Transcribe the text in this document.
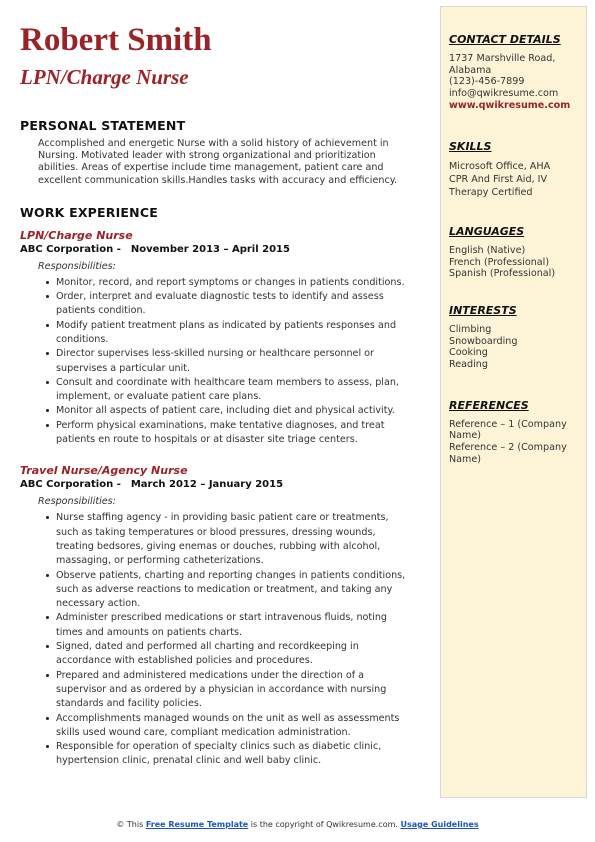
Robert Smith
LPN/Charge Nurse
PERSONAL STATEMENT
Accomplished and energetic Nurse with a solid history of achievement in
Nursing. Motivated leader with strong organizational and prioritization
abilities. Areas of expertise include time management, patient care and
excellent communication skills.Handles tasks with accuracy and efficiency.
WORK EXPERIENCE
LPN/Charge Nurse
ABC Corporation - November 2013 – April 2015
Responsibilities:
Monitor, record, and report symptoms or changes in patients conditions.
Order, interpret and evaluate diagnostic tests to identify and assess
patients condition.
Modify patient treatment plans as indicated by patients responses and
conditions.
Director supervises less-skilled nursing or healthcare personnel or
supervises a particular unit.
Consult and coordinate with healthcare team members to assess, plan,
implement, or evaluate patient care plans.
Monitor all aspects of patient care, including diet and physical activity.
Perform physical examinations, make tentative diagnoses, and treat
patients en route to hospitals or at disaster site triage centers.
Travel Nurse/Agency Nurse
ABC Corporation - March 2012 – January 2015
Responsibilities:
Nurse staffing agency - in providing basic patient care or treatments,
such as taking temperatures or blood pressures, dressing wounds,
treating bedsores, giving enemas or douches, rubbing with alcohol,
massaging, or performing catheterizations.
Observe patients, charting and reporting changes in patients conditions,
such as adverse reactions to medication or treatment, and taking any
necessary action.
Administer prescribed medications or start intravenous fluids, noting
times and amounts on patients charts.
Signed, dated and performed all charting and recordkeeping in
accordance with established policies and procedures.
Prepared and administered medications under the direction of a
supervisor and as ordered by a physician in accordance with nursing
standards and facility policies.
Accomplishments managed wounds on the unit as well as assessments
skills used wound care, compliant medication administration.
Responsible for operation of specialty clinics such as diabetic clinic,
hypertension clinic, prenatal clinic and well baby clinic.
CONTACT DETAILS
1737 Marshville Road,
Alabama
(123)-456-7899
info@qwikresume.com
www.qwikresume.com
SKILLS
Microsoft Office, AHA
CPR And First Aid, IV
Therapy Certified
LANGUAGES
English (Native)
French (Professional)
Spanish (Professional)
INTERESTS
Climbing
Snowboarding
Cooking
Reading
REFERENCES
Reference – 1 (Company
Name)
Reference – 2 (Company
Name)
© This Free Resume Template is the copyright of Qwikresume.com. Usage Guidelines
